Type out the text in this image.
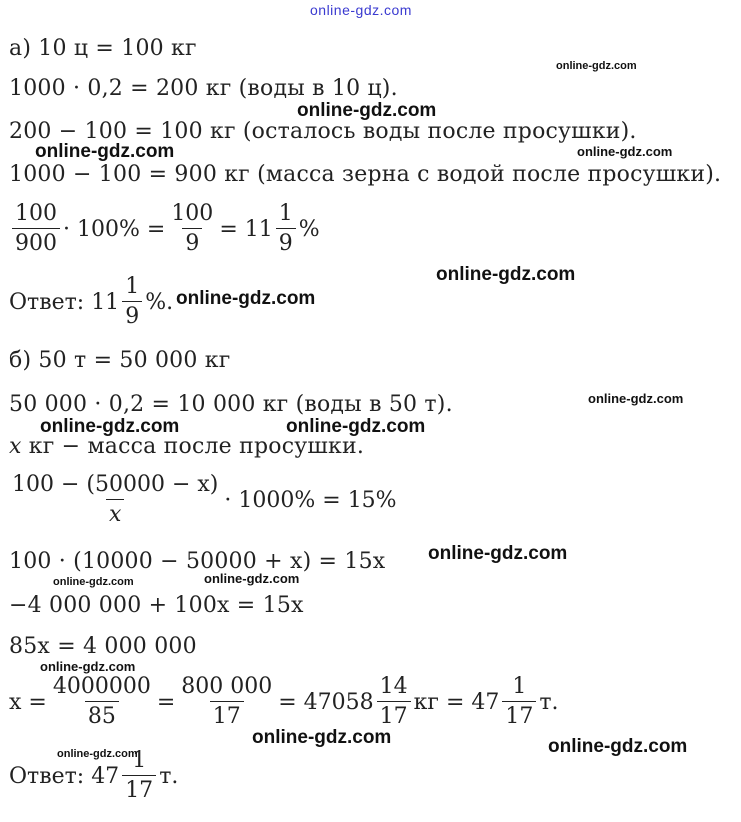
online-gdz.com
а) 10 ц = 100 кг
1000 · 0,2 = 200 кг (воды в 10 ц).
200 − 100 = 100 кг (осталось воды после просушки).
1000 − 100 = 900 кг (масса зерна с водой после просушки).
$\frac{100}{900} \cdot 100\% = \frac{100}{9} = 11 \frac{1}{9}$ %
Ответ: $11 \frac{1}{9}$ %.
б) 50 т = 50 000 кг
50 000 · 0,2 = 10 000 кг (воды в 50 т).
x кг − масса после просушки.
$\frac{100 - (50000 - x)}{x} \cdot 1000\% = 15\%$
100 · (10000 − 50000 + x) = 15x
−4 000 000 + 100x = 15x
85x = 4 000 000
$x = \frac{4000000}{85} = \frac{800 000}{17} = 47058 \frac{14}{17}$ кг = $47 \frac{1}{17} т$.
Ответ: $47 \frac{1}{17} т$.
online-gdz.com
online-gdz.com
online-gdz.com	online-gdz.com
online-gdz.com
online-gdz.com
online-gdz.com
online-gdz.com	online-gdz.com
online-gdz.com
online-gdz.com	online-gdz.com
online-gdz.com
online-gdz.com	online-gdz.com
online-gdz.com
